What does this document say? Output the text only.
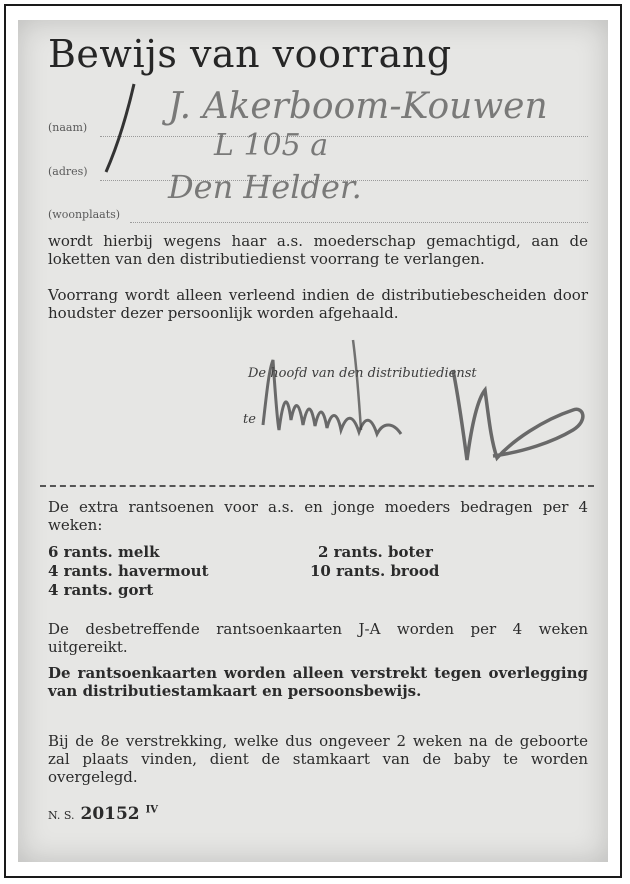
Bewijs van voorrang
(naam)
J. Akerboom-Kouwen
(adres)
L 105 a
(woonplaats)
Den Helder.

wordt hierbij wegens haar a.s. moederschap gemachtigd, aan de loketten van den distributiedienst voorrang te verlangen.

Voorrang wordt alleen verleend indien de distributiebescheiden door houdster dezer persoonlijk worden afgehaald.

De hoofd van den distributiedienst
te

De extra rantsoenen voor a.s. en jonge moeders bedragen per 4 weken:

6 rants. melk	2 rants. boter
4 rants. havermout	10 rants. brood
4 rants. gort

De desbetreffende rantsoenkaarten J-A worden per 4 weken uitgereikt.

De rantsoenkaarten worden alleen verstrekt tegen overlegging van distributiestamkaart en persoonsbewijs.

Bij de 8e verstrekking, welke dus ongeveer 2 weken na de geboorte zal plaats vinden, dient de stamkaart van de baby te worden overgelegd.

N. S. 20152 $^{IV}$
